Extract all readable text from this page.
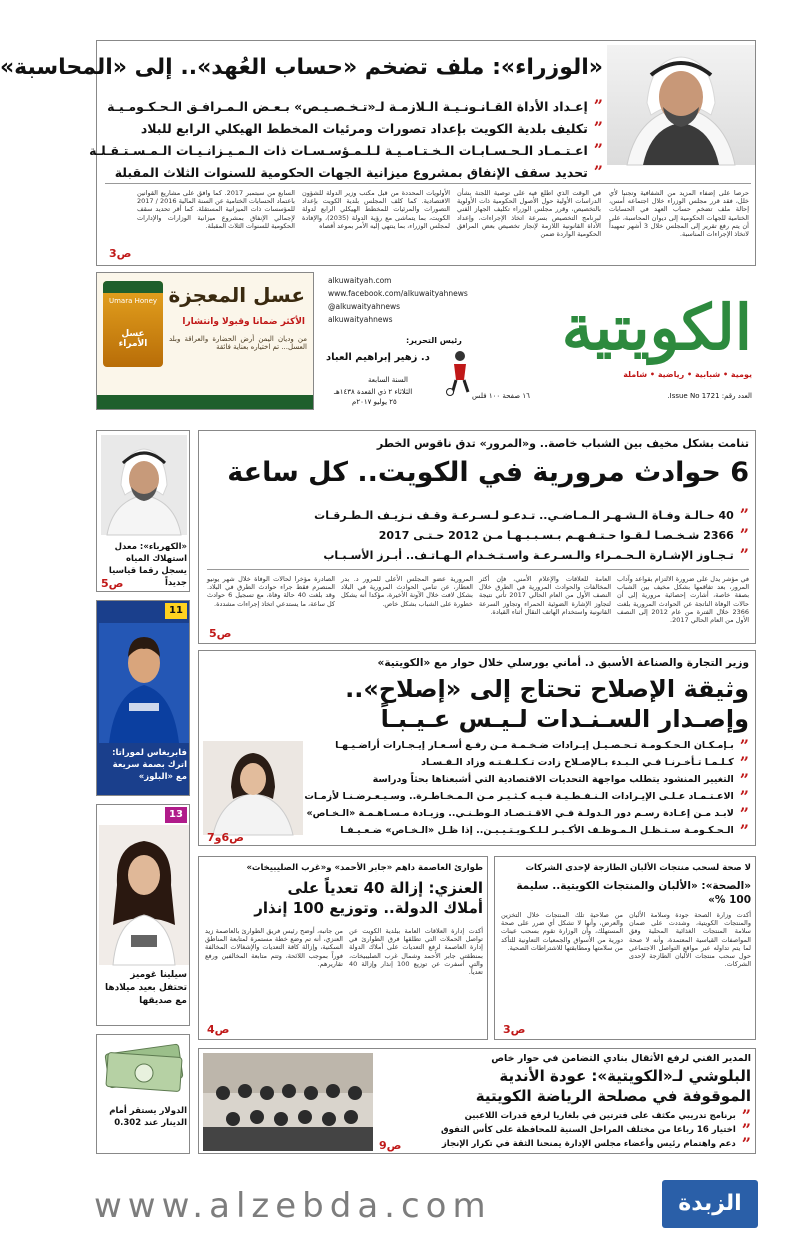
«الوزراء»: ملف تضخم «حساب العُهد».. إلى «المحاسبة»
”
إعـداد الأداة القـانـونـيـة الـلازمـة لـ«تـخـصـيـص» بـعـض الـمـرافـق الـحـكـومـيـة
”
تكليف بلدية الكويت بإعداد تصورات ومرئيات المخطط الهيكلي الرابع للبلاد
”
اعـتـمـاد الـحـسـابـات الـخـتـامـيـة لـلـمـؤسـسـات ذات الـمـيـزانـيـات الـمـسـتـقـلـة
”
تحديد سقف الإنفاق بمشروع ميزانية الجهات الحكومية للسنوات الثلاث المقبلة
حرصا على إضفاء المزيد من الشفافية وتجنبا لأي خلل، فقد قرر مجلس الوزراء خلال اجتماعه أمس، إحالة ملف تضخم حساب العهد في الحسابات الختامية للجهات الحكومية إلى ديوان المحاسبة، على أن يتم رفع تقرير إلى المجلس خلال 3 أشهر تمهيداً لاتخاذ الإجراءات المناسبة.
في الوقت الذي اطلع فيه على توصية اللجنة بشأن الدراسات الأولية حول الأصول الحكومية ذات الأولوية بالتخصيص، وقرر مجلس الوزراء تكليف الجهاز الفني لبرنامج التخصيص بسرعة اتخاذ الإجراءات، وإعداد الأداة القانونية اللازمة لإنجاز تخصيص بعض المرافق الحكومية الواردة ضمن
الأولويات المحددة من قبل مكتب وزير الدولة للشؤون الاقتصادية. كما كلف المجلس بلدية الكويت بإعداد التصورات والمرئيات للمخطط الهيكلي الرابع لدولة الكويت، بما يتماشى مع رؤية الدولة (2035)، والإفادة لمجلس الوزراء، بما ينتهي إليه الأمر بموعد أقصاه
السابع من سبتمبر 2017. كما وافق على مشاريع القوانين باعتماد الحسابات الختامية عن السنة المالية 2016 / 2017 للمؤسسات ذات الميزانية المستقلة. كما أقر تحديد سقف لإجمالي الإنفاق بمشروع ميزانية الوزارات والإدارات الحكومية للسنوات الثلاث المقبلة.
ص3
Umara Honey
عسل الأمراء
عسل المعجزة
الأكثر ضمانا وقبولا وانتشارا
من وديان اليمن أرض الحضارة والعراقة وبلد العسل... تم اختياره بعناية فائقة
alkuwaityah.com
www.facebook.com/alkuwaityahnews
@alkuwaityahnews
alkuwaityahnews
رئيس التحرير:
د. زهير إبراهيم العباد
السنة السابعة
الثلاثاء ٢ ذي القعدة ١٤٣٨هـ
٢٥ يوليو ٢٠١٧م
١٦ صفحة ١٠٠ فلس
الكويتية
يومية • شبابية • رياضية • شاملة
العدد رقم: 1721 Issue No.
«الكهرباء»: معدل استهلاك المياه يسجل رقما قياسيا جديداً
ص5
11
فابريغاس لموراتا: اترك بصمة سريعة مع «البلوز»
13
سيلينا غوميز تحتفل بعيد ميلادها مع صديقها
الدولار يستقر أمام الدينار عند 0.302
تنامت بشكل مخيف بين الشباب خاصة.. و«المرور» تدق ناقوس الخطر
6 حوادث مرورية في الكويت.. كل ساعة
”
40 حـالـة وفـاة الـشـهـر الـمـاضـي.. تـدعـو لـسـرعـة وقـف نـزيـف الـطـرقـات
”
2366 شـخـصـا لـقـوا حـتـفـهـم بـسـبـبـهـا مـن 2012 حـتـى 2017
”
تـجـاوز الإشـارة الـحـمـراء والـسـرعـة واسـتـخـدام الـهـاتـف.. أبـرز الأسـبـاب
في مؤشر يدل على ضرورة الالتزام بقواعد وآداب المرور، بعد تفاقمها بشكل مخيف بين الشباب بصفة خاصة، أشارت إحصائية مرورية إلى أن حالات الوفاة الناتجة عن الحوادث المرورية بلغت 2366 خلال الفترة من عام 2012 إلى النصف الأول من العام الحالي 2017.
العامة للعلاقات والإعلام الأمني، فإن أكثر المخالفات والحوادث المرورية في الطرق خلال النصف الأول من العام الحالي 2017 تأتي نتيجة لتجاوز الإشارة الضوئية الحمراء وتجاوز السرعة القانونية واستخدام الهاتف النقال أثناء القيادة.
المرورية عضو المجلس الأعلى للمرور د. بدر العطار، عن تنامي الحوادث المرورية في البلاد بشكل لافت خلال الآونة الأخيرة، مؤكدا أنه يشكل خطورة على الشباب بشكل خاص.
الصادرة مؤخرا لحالات الوفاة خلال شهر يونيو المنصرم فقط جراء حوادث الطرق في البلاد. وقد بلغت 40 حالة وفاة، مع تسجيل 6 حوادث كل ساعة، ما يستدعي اتخاذ إجراءات مشددة.
ص5
وزير التجارة والصناعة الأسبق د. أماني بورسلي خلال حوار مع «الكويتية»
وثيقة الإصلاح تحتاج إلى «إصلاح»..
وإصـدار السـنـدات لـيـس عـيـبـاً
ص6و7
”
بـإمـكـان الـحـكـومـة تـحـصـيـل إيـرادات ضـخـمـة مـن رفـع أسـعـار إيـجـارات أراضـيـهـا
”
كـلـمـا تـأخـرنـا فـي الـبـدء بـالإصـلاح زادت تـكـلـفـتـه وزاد الـفـسـاد
”
التغيير المنشود يتطلب مواجهة التحديات الاقتصادية التي أشبعناها بحثاً ودراسة
”
الاعـتـمـاد عـلـى الإيـرادات الـنـفـطـيـة فـيـه كـثـيـر مـن الـمـخـاطـرة.. وسـيـعـرضـنـا لأزمـات
”
لابـد مـن إعـادة رسـم دور الـدولـة فـي الاقـتـصـاد الـوطـنـي.. وزيـادة مـسـاهـمـة «الـخـاص»
”
الـحـكـومـة سـتـظـل الـمـوظـف الأكـبـر لـلـكـويـتـيـيـن.. إذا ظـل «الـخـاص» ضـعـيـفـا
لا صحة لسحب منتجات الألبان الطازجة لإحدى الشركات
«الصحة»: «الألبان والمنتجات الكويتية.. سليمة 100 %»
أكدت وزارة الصحة جودة وسلامة الألبان والمنتجات الكويتية، وشددت على ضمان سلامة المنتجات الغذائية المحلية وفق المواصفات القياسية المعتمدة، وأنه لا صحة لما يتم تداوله عبر مواقع التواصل الاجتماعي حول سحب منتجات الألبان الطازجة لإحدى الشركات.
من صلاحية تلك المنتجات خلال التخزين والعرض، وأنها لا تشكل أي ضرر على صحة المستهلك، وأن الوزارة تقوم بسحب عينات دورية من الأسواق والجمعيات التعاونية للتأكد من سلامتها ومطابقتها للاشتراطات الصحية.
ص3
طوارئ العاصمة داهم «جابر الأحمد» و«غرب الصليبيخات»
العنزي: إزالة 40 تعدياً على
أملاك الدولة.. وتوزيع 100 إنذار
أكدت إدارة العلاقات العامة ببلدية الكويت عن تواصل الحملات التي تطلقها فرق الطوارئ في إدارة العاصمة لرفع التعديات على أملاك الدولة بمنطقتي جابر الأحمد وشمال غرب الصليبيخات، والتي أسفرت عن توزيع 100 إنذار وإزالة 40 تعدياً.
من جانبه، أوضح رئيس فريق الطوارئ بالعاصمة زيد العنزي، أنه تم وضع خطة مستمرة لمتابعة المناطق السكنية، وإزالة كافة التعديات والإشغالات المخالفة فوراً بموجب اللائحة، وتتم متابعة المخالفين ورفع تقاريرهم.
ص4
المدير الفني لرفع الأثقال بنادي التضامن في حوار خاص
البلوشي لـ«الكويتية»: عودة الأندية
الموقوفة في مصلحة الرياضة الكويتية
”
برنامج تدريبي مكثف على فترتين في بلغاريا لرفع قدرات اللاعبين
”
اختيار 16 رباعا من مختلف المراحل السنية للمحافظة على كأس التفوق
”
دعم واهتمام رئيس وأعضاء مجلس الإدارة يمنحنا الثقة في تكرار الإنجاز
ص9
www.alzebda.com	الزبدة
